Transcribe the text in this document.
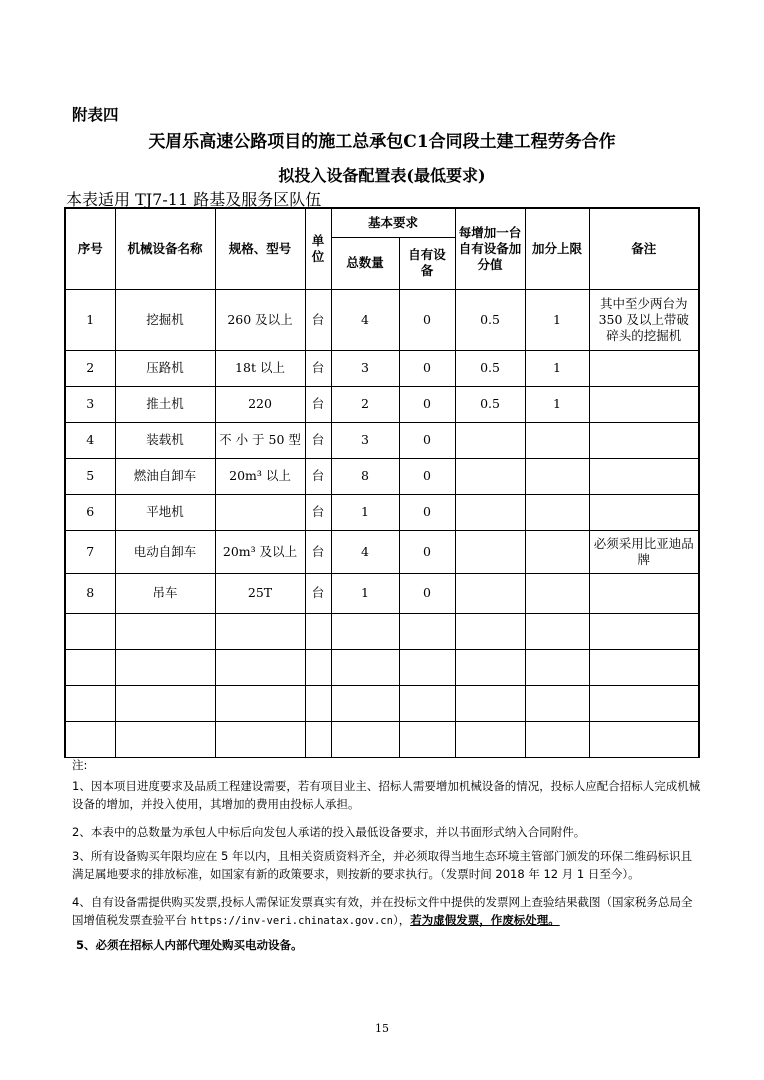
附表四
天眉乐高速公路项目的施工总承包C1合同段土建工程劳务合作
拟投入设备配置表(最低要求)
本表适用 TJ7-11 路基及服务区队伍
序号	机械设备名称	规格、型号	单位	基本要求		每增加一台自有设备加分值	加分上限	备注
				总数量	自有设备			
1	挖掘机	260 及以上	台	4	0	0.5	1	其中至少两台为 350 及以上带破碎头的挖掘机
2	压路机	18t 以上	台	3	0	0.5	1	
3	推土机	220	台	2	0	0.5	1	
4	装载机	不 小 于 50 型	台	3	0			
5	燃油自卸车	20m³ 以上	台	8	0			
6	平地机		台	1	0			
7	电动自卸车	20m³ 及以上	台	4	0			必须采用比亚迪品牌
8	吊车	25T	台	1	0			

注:
1、因本项目进度要求及品质工程建设需要，若有项目业主、招标人需要增加机械设备的情况，投标人应配合招标人完成机械设备的增加，并投入使用，其增加的费用由投标人承担。
2、本表中的总数量为承包人中标后向发包人承诺的投入最低设备要求，并以书面形式纳入合同附件。
3、所有设备购买年限均应在 5 年以内，且相关资质资料齐全，并必须取得当地生态环境主管部门颁发的环保二维码标识且满足属地要求的排放标准，如国家有新的政策要求，则按新的要求执行。（发票时间 2018 年 12 月 1 日至今）。
4、自有设备需提供购买发票,投标人需保证发票真实有效，并在投标文件中提供的发票网上查验结果截图（国家税务总局全国增值税发票查验平台 https://inv-veri.chinatax.gov.cn），若为虚假发票，作废标处理。
5、必须在招标人内部代理处购买电动设备。
15
